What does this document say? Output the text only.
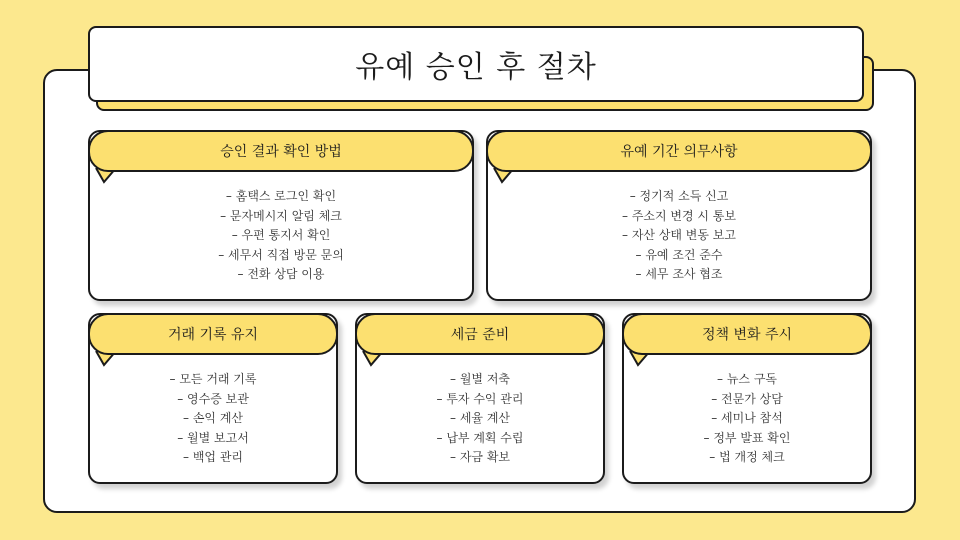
유예 승인 후 절차
승인 결과 확인 방법
– 홈택스 로그인 확인
– 문자메시지 알림 체크
– 우편 통지서 확인
– 세무서 직접 방문 문의
– 전화 상담 이용
유예 기간 의무사항
– 정기적 소득 신고
– 주소지 변경 시 통보
– 자산 상태 변동 보고
– 유예 조건 준수
– 세무 조사 협조
거래 기록 유지
– 모든 거래 기록
– 영수증 보관
– 손익 계산
– 월별 보고서
– 백업 관리
세금 준비
– 월별 저축
– 투자 수익 관리
– 세율 계산
– 납부 계획 수립
– 자금 확보
정책 변화 주시
– 뉴스 구독
– 전문가 상담
– 세미나 참석
– 정부 발표 확인
– 법 개정 체크
